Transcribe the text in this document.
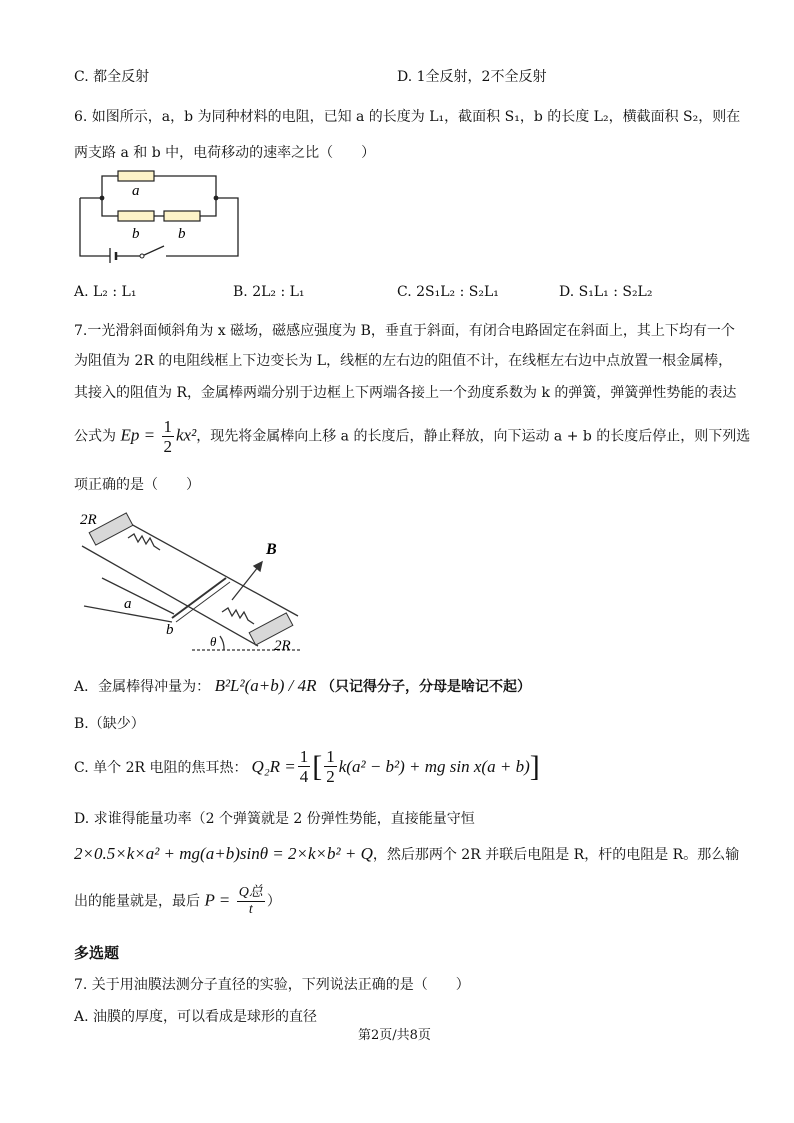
C. 都全反射	D. 1全反射，2不全反射
6. 如图所示，a，b 为同种材料的电阻，已知 a 的长度为 L₁，截面积 S₁，b 的长度 L₂，横截面积 S₂，则在
两支路 a 和 b 中，电荷移动的速率之比（　　）
a
b	b
A. L₂ : L₁	B. 2L₂ : L₁	C. 2S₁L₂ : S₂L₁	D. S₁L₁ : S₂L₂
7.一光滑斜面倾斜角为 x 磁场，磁感应强度为 B，垂直于斜面，有闭合电路固定在斜面上，其上下均有一个
为阻值为 2R 的电阻线框上下边变长为 L，线框的左右边的阻值不计，在线框左右边中点放置一根金属棒，
其接入的阻值为 R，金属棒两端分别于边框上下两端各接上一个劲度系数为 k 的弹簧，弹簧弹性势能的表达
公式为 $Ep = \frac{1}{2} kx^2$，现先将金属棒向上移 a 的长度后，静止释放，向下运动 a + b 的长度后停止，则下列选
项正确的是（　　）
2R
2R
B
a
b
θ
A．金属棒得冲量为： B²L²(a+b) / 4R （只记得分子，分母是啥记不起）
B.（缺少）
C. 单个 2R 电阻的焦耳热： $Q_2R = \frac{1}{4}$ [ $\frac{1}{2} k(a^2 - b^2)$ + mg sin x(a + b) ]
D. 求谁得能量功率（2 个弹簧就是 2 份弹性势能，直接能量守恒
2×0.5×k×a² + mg(a+b)sinθ = 2×k×b² + Q，然后那两个 2R 并联后电阻是 R，杆的电阻是 R。那么输
出的能量就是，最后 $P = \frac{\text{Q总}}{t}$ ）
多选题
7. 关于用油膜法测分子直径的实验，下列说法正确的是（　　）
A. 油膜的厚度，可以看成是球形的直径
第2页/共8页
